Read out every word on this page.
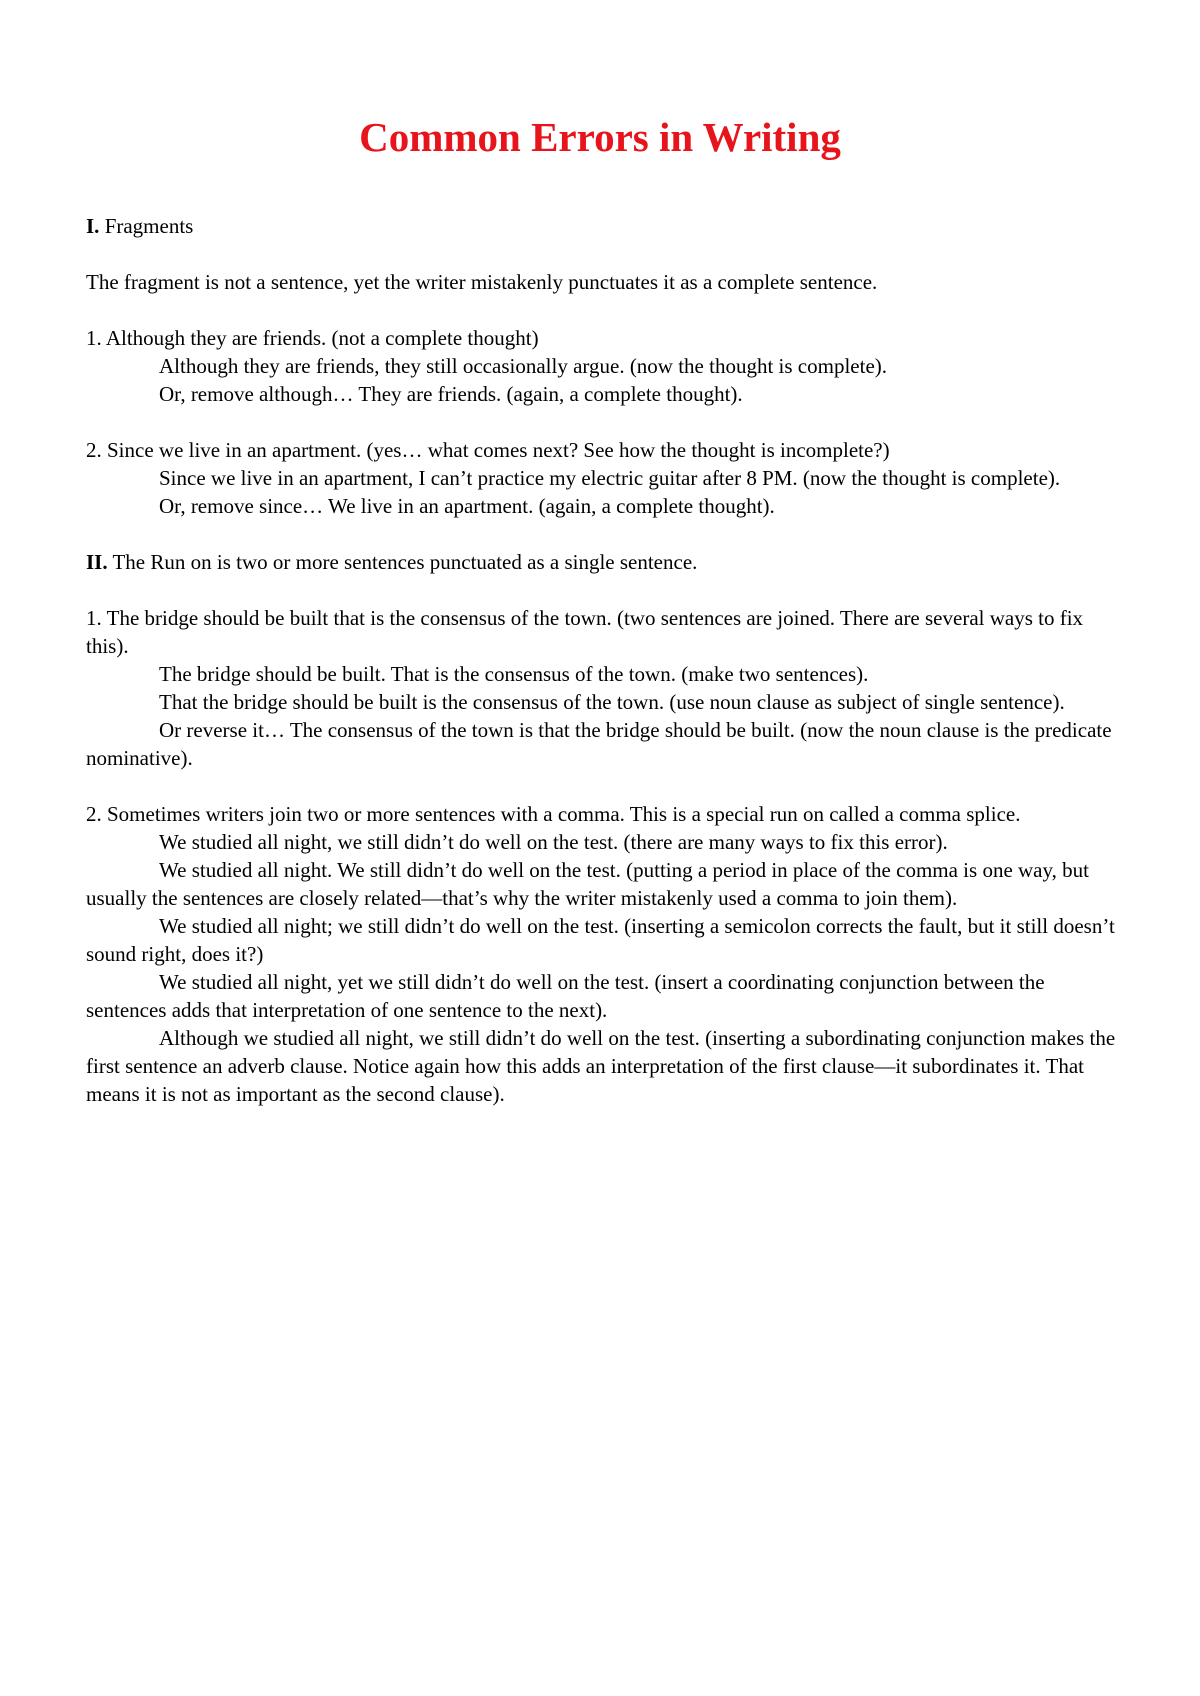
Common Errors in Writing

I. Fragments

The fragment is not a sentence, yet the writer mistakenly punctuates it as a complete sentence.

1. Although they are friends. (not a complete thought)

Although they are friends, they still occasionally argue. (now the thought is complete).

Or, remove although… They are friends. (again, a complete thought).

2. Since we live in an apartment. (yes… what comes next? See how the thought is incomplete?)

Since we live in an apartment, I can’t practice my electric guitar after 8 PM. (now the thought is complete).

Or, remove since… We live in an apartment. (again, a complete thought).

II. The Run on is two or more sentences punctuated as a single sentence.

1. The bridge should be built that is the consensus of the town. (two sentences are joined. There are several ways to fix this).

The bridge should be built. That is the consensus of the town. (make two sentences).

That the bridge should be built is the consensus of the town. (use noun clause as subject of single sentence).

Or reverse it… The consensus of the town is that the bridge should be built. (now the noun clause is the predicate nominative).

2. Sometimes writers join two or more sentences with a comma. This is a special run on called a comma splice.

We studied all night, we still didn’t do well on the test. (there are many ways to fix this error).

We studied all night. We still didn’t do well on the test. (putting a period in place of the comma is one way, but usually the sentences are closely related—that’s why the writer mistakenly used a comma to join them).

We studied all night; we still didn’t do well on the test. (inserting a semicolon corrects the fault, but it still doesn’t sound right, does it?)

We studied all night, yet we still didn’t do well on the test. (insert a coordinating conjunction between the sentences adds that interpretation of one sentence to the next).

Although we studied all night, we still didn’t do well on the test. (inserting a subordinating conjunction makes the first sentence an adverb clause. Notice again how this adds an interpretation of the first clause—it subordinates it. That means it is not as important as the second clause).
